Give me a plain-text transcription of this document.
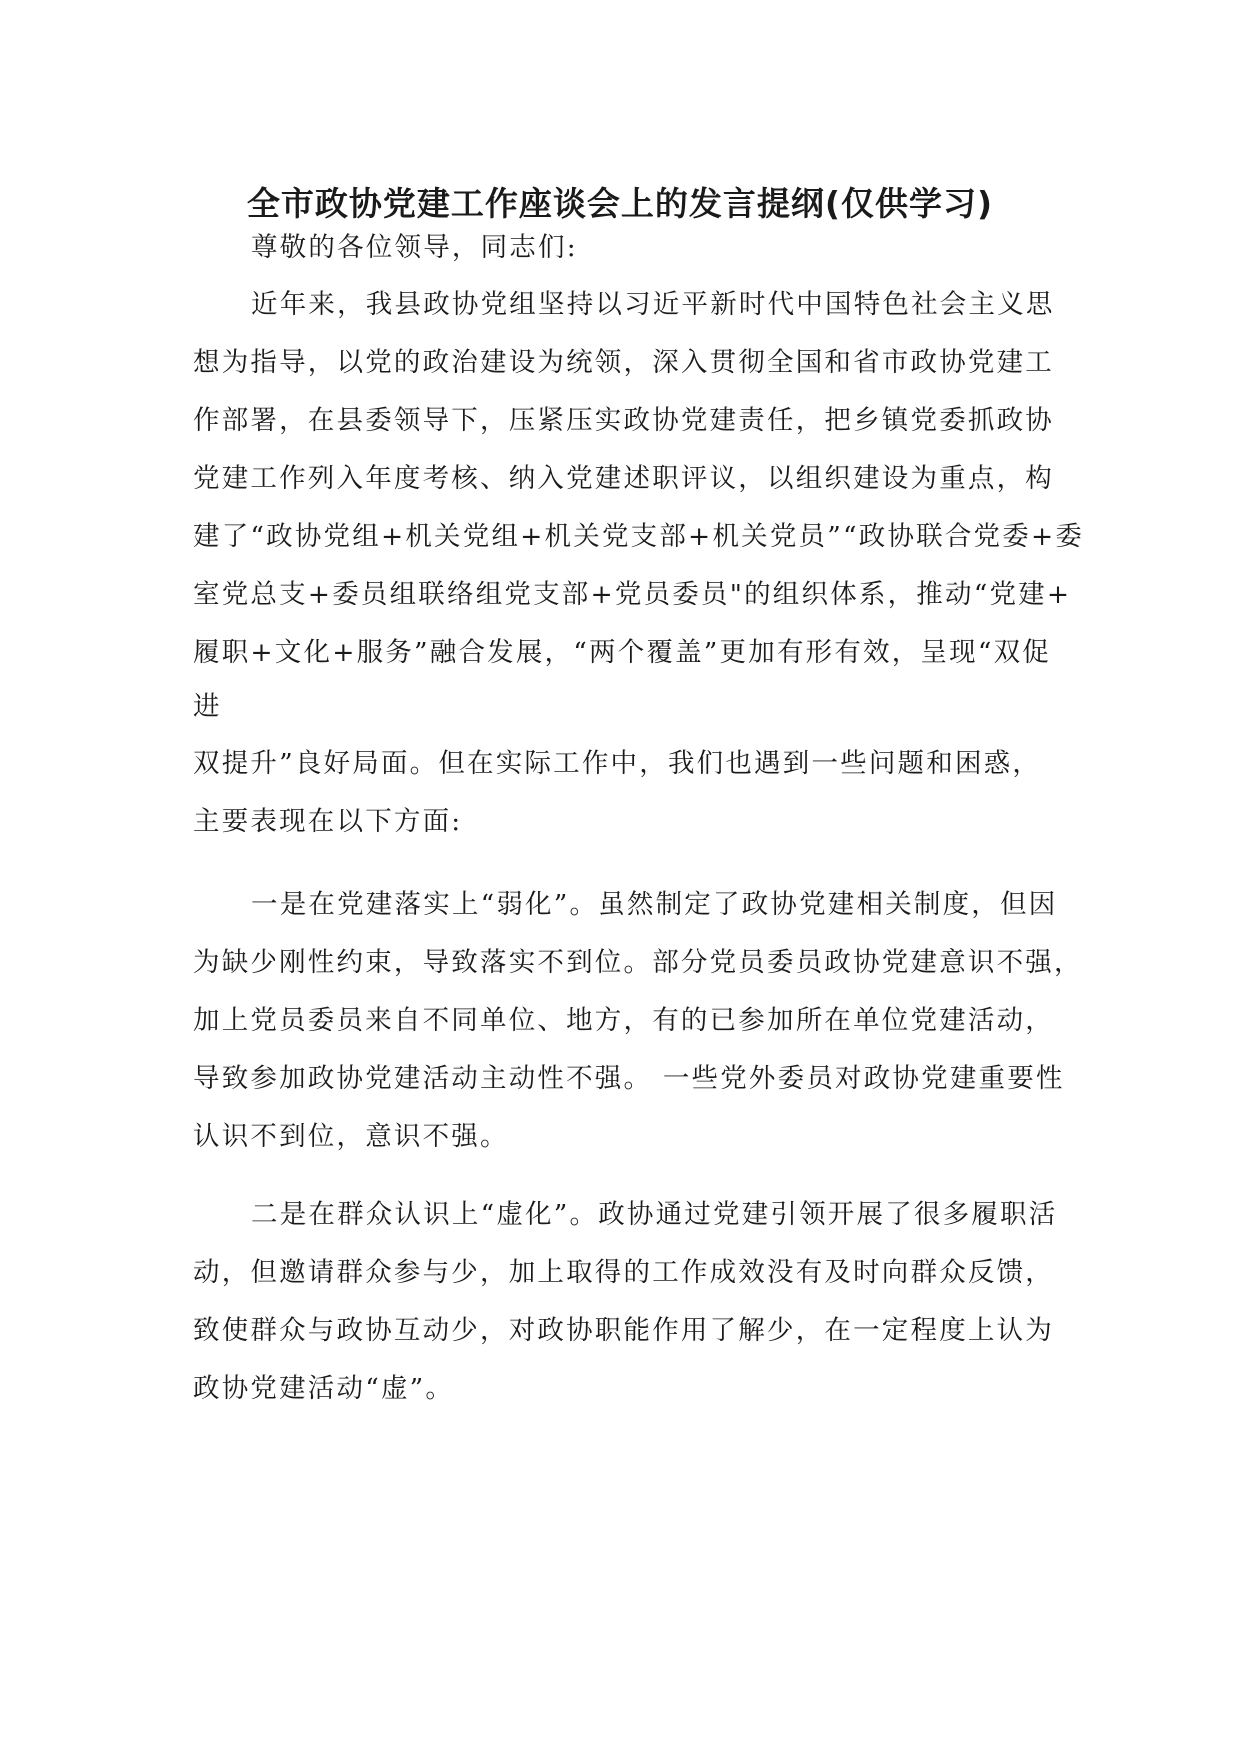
全市政协党建工作座谈会上的发言提纲(仅供学习)
尊敬的各位领导，同志们:
近年来，我县政协党组坚持以习近平新时代中国特色社会主义思
想为指导，以党的政治建设为统领，深入贯彻全国和省市政协党建工
作部署，在县委领导下，压紧压实政协党建责任，把乡镇党委抓政协
党建工作列入年度考核、纳入党建述职评议，以组织建设为重点，构
建了“政协党组+机关党组+机关党支部+机关党员”“政协联合党委+委
室党总支+委员组联络组党支部+党员委员"的组织体系，推动“党建+
履职+文化+服务”融合发展，“两个覆盖”更加有形有效，呈现“双促
进
双提升”良好局面。但在实际工作中，我们也遇到一些问题和困惑，
主要表现在以下方面:
一是在党建落实上“弱化”。虽然制定了政协党建相关制度，但因
为缺少刚性约束，导致落实不到位。部分党员委员政协党建意识不强，
加上党员委员来自不同单位、地方，有的已参加所在单位党建活动，
导致参加政协党建活动主动性不强。 一些党外委员对政协党建重要性
认识不到位，意识不强。
二是在群众认识上“虚化”。政协通过党建引领开展了很多履职活
动，但邀请群众参与少，加上取得的工作成效没有及时向群众反馈，
致使群众与政协互动少，对政协职能作用了解少，在一定程度上认为
政协党建活动“虚”。
